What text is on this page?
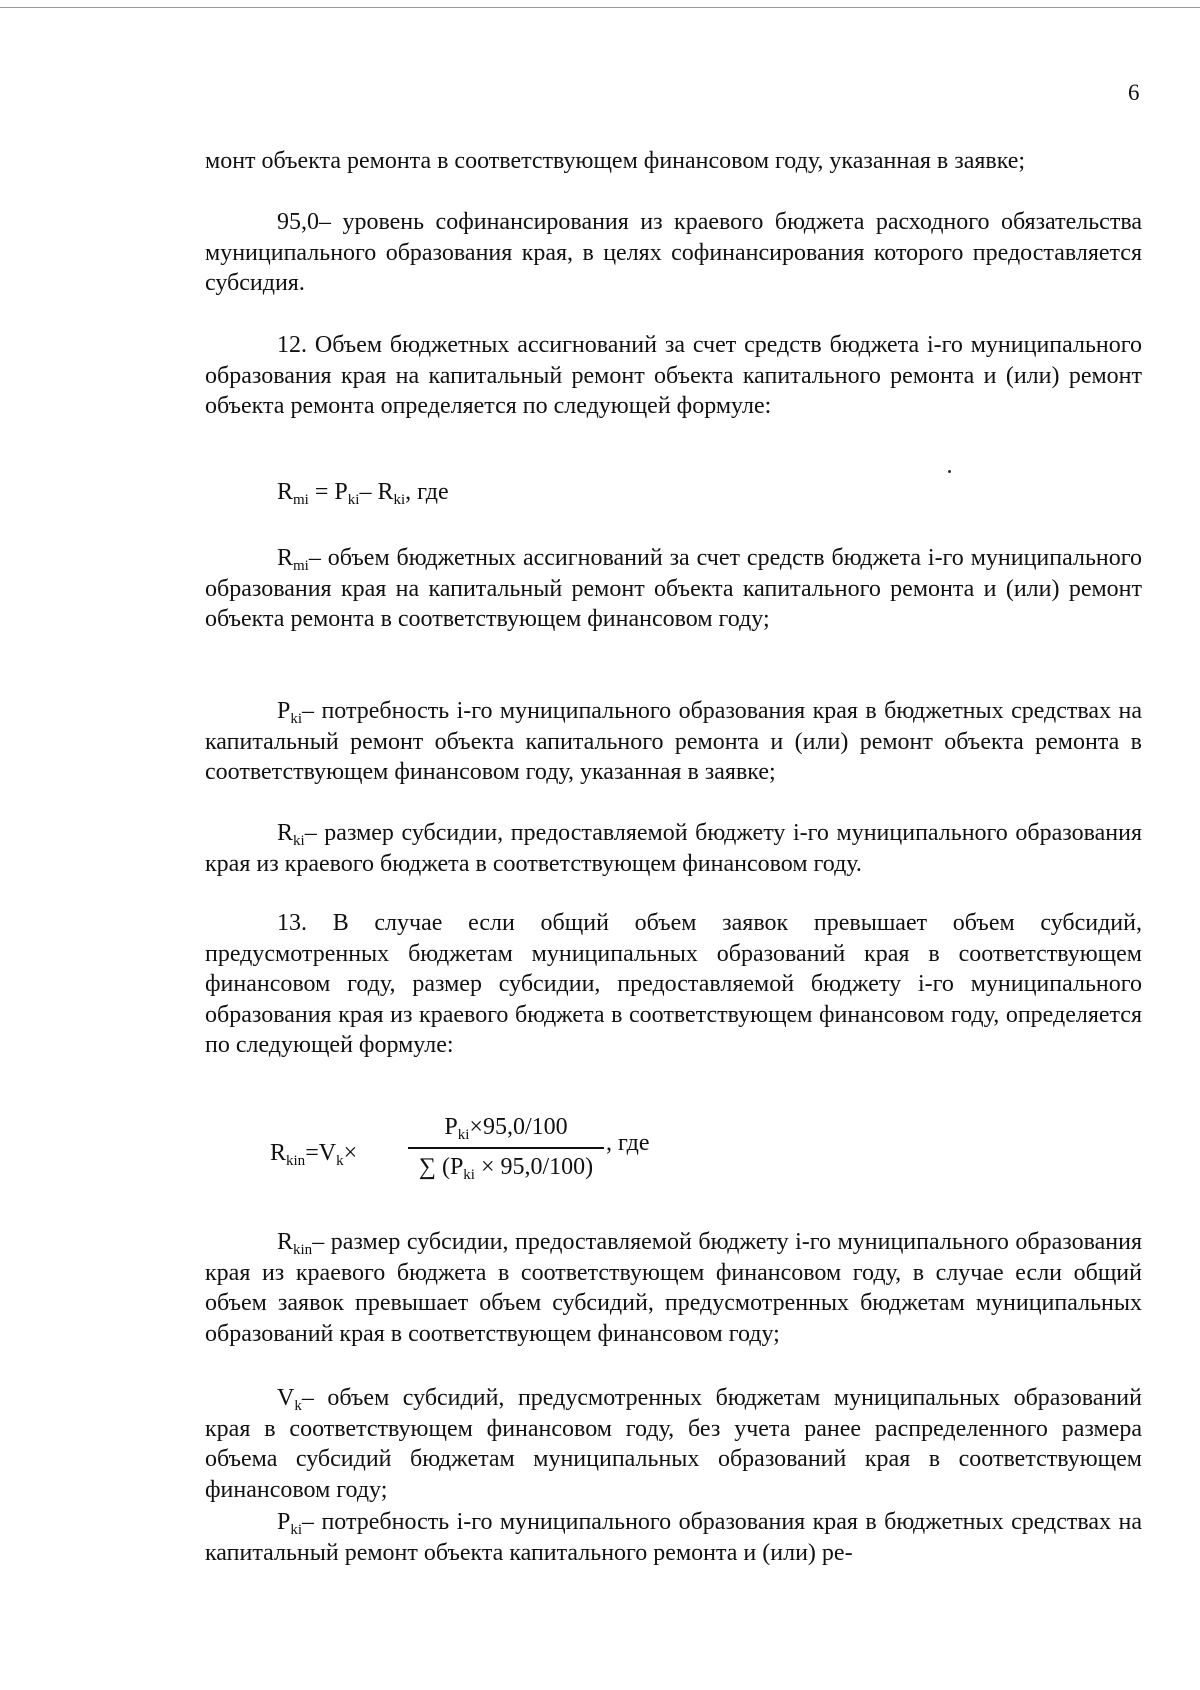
6

монт объекта ремонта в соответствующем финансовом году, указанная в заявке;

95,0– уровень софинансирования из краевого бюджета расходного обязательства муниципального образования края, в целях софинансирования которого предоставляется субсидия.

12. Объем бюджетных ассигнований за счет средств бюджета i-го муниципального образования края на капитальный ремонт объекта капитального ремонта и (или) ремонт объекта ремонта определяется по следующей формуле:

$R_{mi} = P_{ki}-$ $R_{ki}$, где

$R_{mi}-$ объем бюджетных ассигнований за счет средств бюджета i-го муниципального образования края на капитальный ремонт объекта капитального ремонта и (или) ремонт объекта ремонта в соответствующем финансовом году;

$P_{ki}-$ потребность i-го муниципального образования края в бюджетных средствах на капитальный ремонт объекта капитального ремонта и (или) ремонт объекта ремонта в соответствующем финансовом году, указанная в заявке;

$R_{ki}-$ размер субсидии, предоставляемой бюджету i-го муниципального образования края из краевого бюджета в соответствующем финансовом году.

13. В случае если общий объем заявок превышает объем субсидий, предусмотренных бюджетам муниципальных образований края в соответствующем финансовом году, размер субсидии, предоставляемой бюджету i-го муниципального образования края из краевого бюджета в соответствующем финансовом году, определяется по следующей формуле:

$R_{kin}=V_k\times$
$P_{ki}\times 95,0/100$
∑ $(P_{ki} \times 95,0/100)$
, где

$R_{kin}-$ размер субсидии, предоставляемой бюджету i-го муниципального образования края из краевого бюджета в соответствующем финансовом году, в случае если общий объем заявок превышает объем субсидий, предусмотренных бюджетам муниципальных образований края в соответствующем финансовом году;

$V_k-$ объем субсидий, предусмотренных бюджетам муниципальных образований края в соответствующем финансовом году, без учета ранее распределенного размера объема субсидий бюджетам муниципальных образований края в соответствующем финансовом году;

$P_{ki}-$ потребность i-го муниципального образования края в бюджетных средствах на капитальный ремонт объекта капитального ремонта и (или) ре-
